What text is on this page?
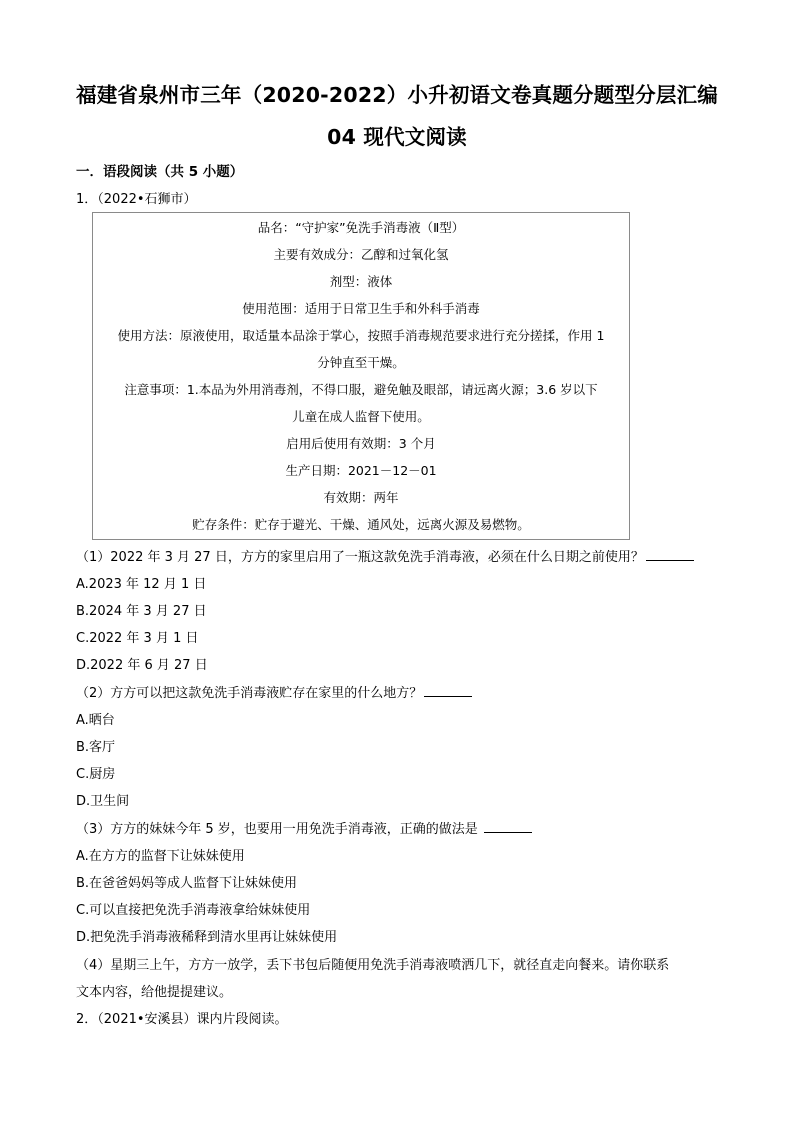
福建省泉州市三年（2020-2022）小升初语文卷真题分题型分层汇编
04 现代文阅读
一．语段阅读（共 5 小题）
1．（2022•石狮市）
品名：“守护家”免洗手消毒液（Ⅱ型）
主要有效成分：乙醇和过氧化氢
剂型：液体
使用范围：适用于日常卫生手和外科手消毒
使用方法：原液使用，取适量本品涂于掌心，按照手消毒规范要求进行充分搓揉，作用 1
分钟直至干燥。
注意事项：1.本品为外用消毒剂，不得口服，避免触及眼部，请远离火源；3.6 岁以下
儿童在成人监督下使用。
启用后使用有效期：3 个月
生产日期：2021－12－01
有效期：两年
贮存条件：贮存于避光、干燥、通风处，远离火源及易燃物。
（1）2022 年 3 月 27 日，方方的家里启用了一瓶这款免洗手消毒液，必须在什么日期之前使用？
A.2023 年 12 月 1 日
B.2024 年 3 月 27 日
C.2022 年 3 月 1 日
D.2022 年 6 月 27 日
（2）方方可以把这款免洗手消毒液贮存在家里的什么地方？
A.晒台
B.客厅
C.厨房
D.卫生间
（3）方方的妹妹今年 5 岁，也要用一用免洗手消毒液，正确的做法是
A.在方方的监督下让妹妹使用
B.在爸爸妈妈等成人监督下让妹妹使用
C.可以直接把免洗手消毒液拿给妹妹使用
D.把免洗手消毒液稀释到清水里再让妹妹使用
（4）星期三上午，方方一放学，丢下书包后随便用免洗手消毒液喷洒几下，就径直走向餐来。请你联系
文本内容，给他提提建议。
2．（2021•安溪县）课内片段阅读。
